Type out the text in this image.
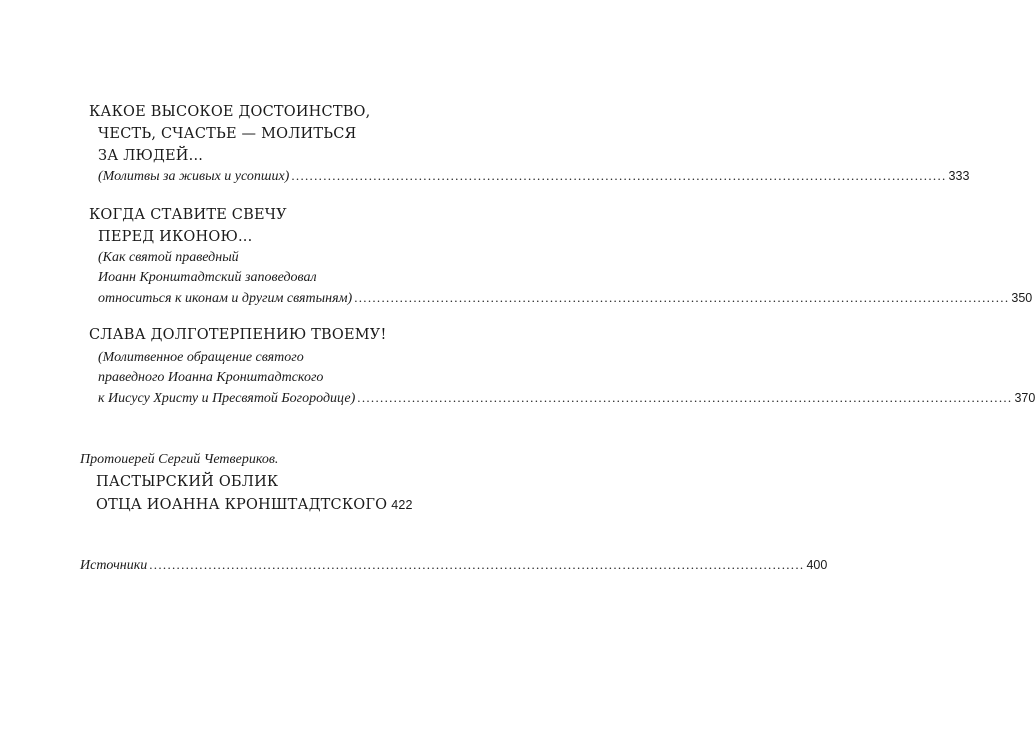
КАКОЕ ВЫСОКОЕ ДОСТОИНСТВО,
ЧЕСТЬ, СЧАСТЬЕ — МОЛИТЬСЯ
ЗА ЛЮДЕЙ...
(Молитвы за живых и усопших) ................................................................................................................................................ 333
КОГДА СТАВИТЕ СВЕЧУ
ПЕРЕД ИКОНОЮ...
(Как святой праведный
Иоанн Кронштадтский заповедовал
относиться к иконам и другим святыням) ................................................................................................................................................ 350
СЛАВА ДОЛГОТЕРПЕНИЮ ТВОЕМУ!
(Молитвенное обращение святого
праведного Иоанна Кронштадтского
к Иисусу Христу и Пресвятой Богородице) ................................................................................................................................................ 370
Протоиерей Сергий Четвериков.
ПАСТЫРСКИЙ ОБЛИК
ОТЦА ИОАННА КРОНШТАДТСКОГО 422
Источники ................................................................................................................................................ 400
